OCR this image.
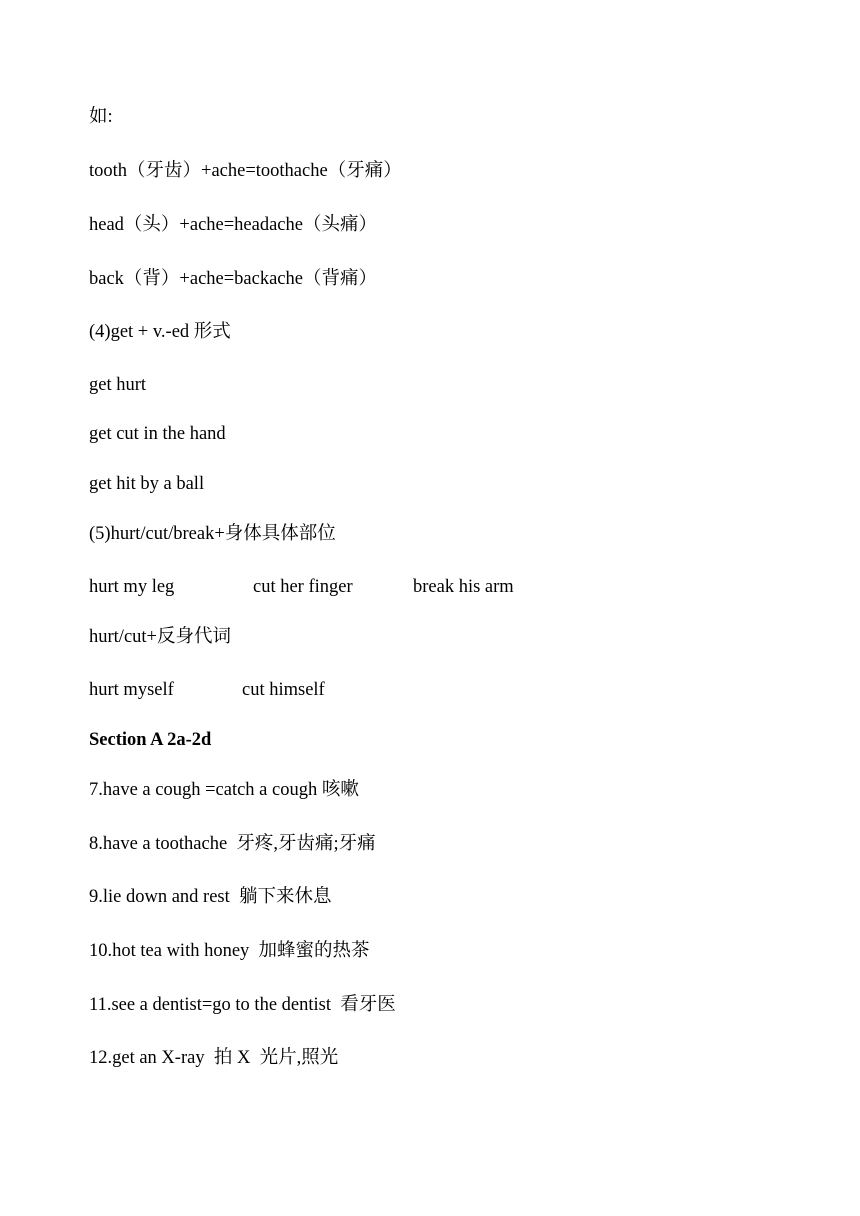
如:
tooth（牙齿）+ache=toothache（牙痛）
head（头）+ache=headache（头痛）
back（背）+ache=backache（背痛）
(4)get + v.-ed 形式
get hurt
get cut in the hand
get hit by a ball
(5)hurt/cut/break+身体具体部位

hurt my leg

	cut her finger

	break his arm

hurt/cut+反身代词

hurt myself

	cut himself

Section A 2a-2d
7.have a cough =catch a cough 咳嗽
8.have a toothache  牙疼,牙齿痛;牙痛
9.lie down and rest  躺下来休息
10.hot tea with honey  加蜂蜜的热茶
11.see a dentist=go to the dentist  看牙医
12.get an X-ray  拍 X  光片,照光
